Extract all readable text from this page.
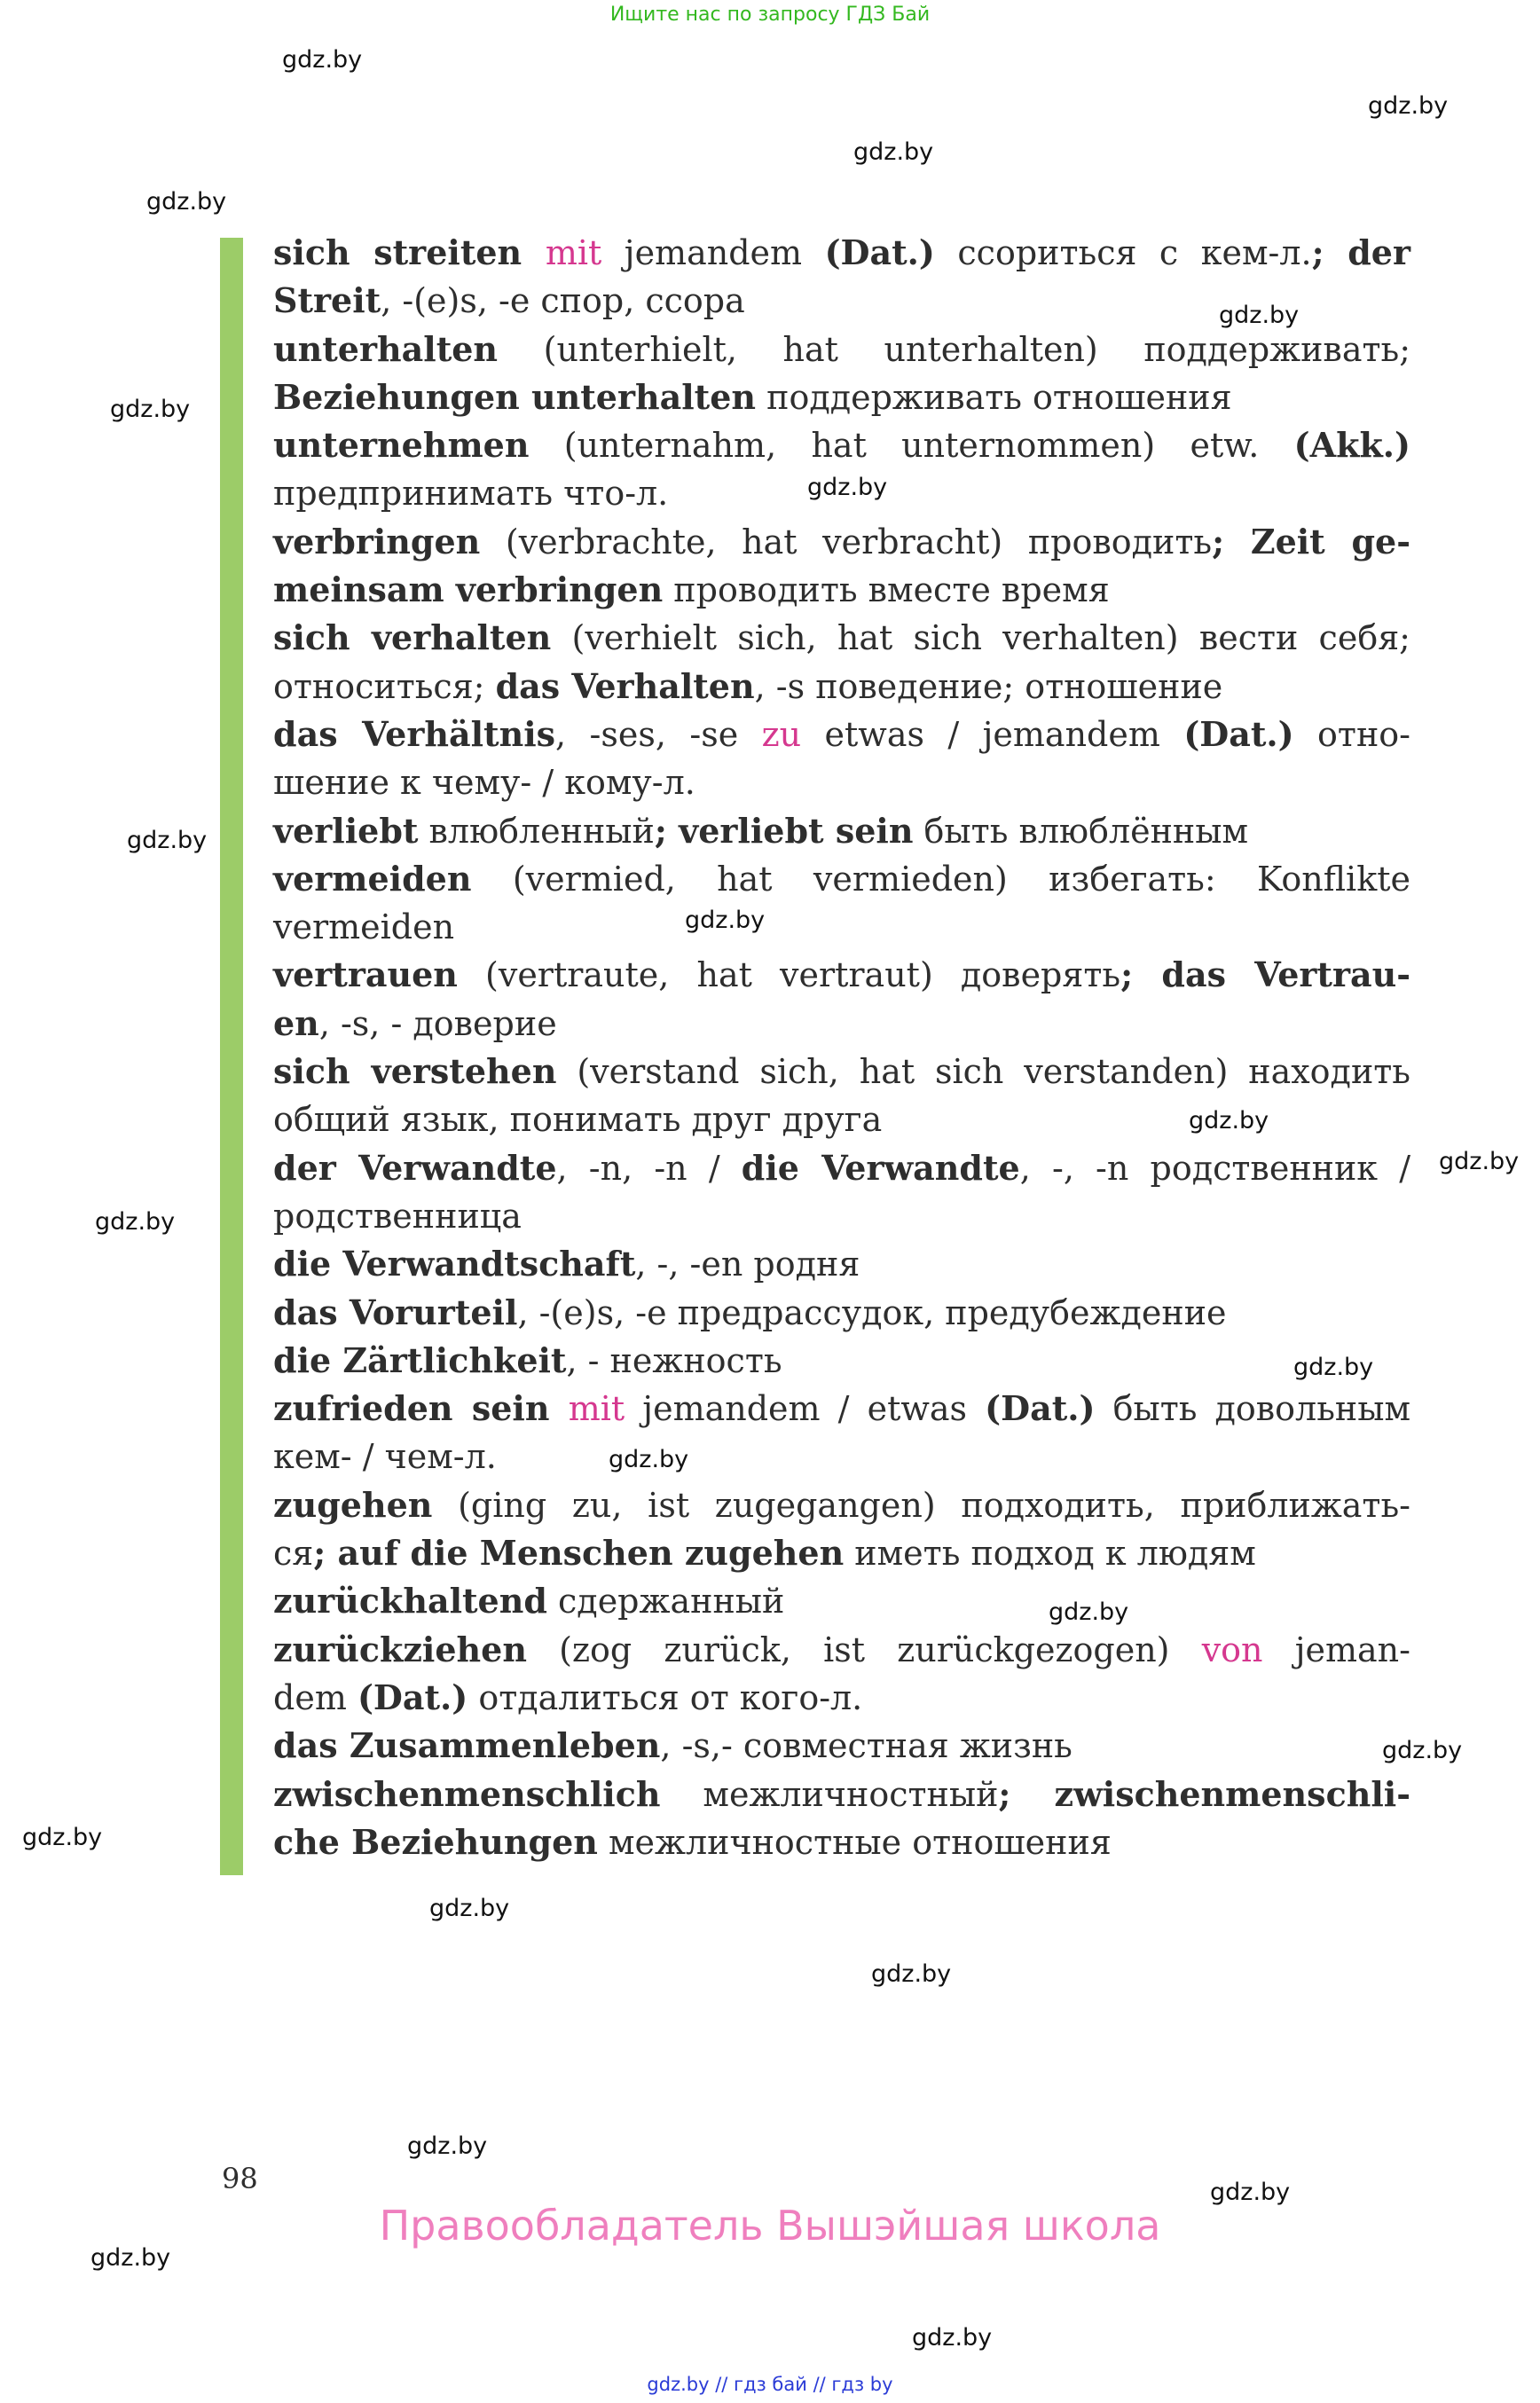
Ищите нас по запросу ГДЗ Бай
gdz.by
gdz.by
gdz.by
gdz.by
gdz.by
gdz.by
gdz.by
gdz.by
gdz.by
gdz.by
gdz.by
gdz.by
gdz.by
gdz.by
gdz.by
gdz.by
gdz.by
gdz.by
gdz.by
gdz.by
gdz.by
gdz.by
gdz.by
sich streiten mit jemandem (Dat.) ссориться с кем-л.; der
Streit, -(e)s, -e спор, ссора
unterhalten (unterhielt, hat unterhalten) поддерживать;
Beziehungen unterhalten поддерживать отношения
unternehmen (unternahm, hat unternommen) etw. (Akk.)
предпринимать что-л.
verbringen (verbrachte, hat verbracht) проводить; Zeit ge-
meinsam verbringen проводить вместе время
sich verhalten (verhielt sich, hat sich verhalten) вести себя;
относиться; das Verhalten, -s поведение; отношение
das Verhältnis, -ses, -se zu etwas / jemandem (Dat.) отно-
шение к чему- / кому-л.
verliebt влюбленный; verliebt sein быть влюблённым
vermeiden (vermied, hat vermieden) избегать: Konflikte
vermeiden
vertrauen (vertraute, hat vertraut) доверять; das Vertrau-
en, -s, - доверие
sich verstehen (verstand sich, hat sich verstanden) находить
общий язык, понимать друг друга
der Verwandte, -n, -n / die Verwandte, -, -n родственник /
родственница
die Verwandtschaft, -, -en родня
das Vorurteil, -(e)s, -e предрассудок, предубеждение
die Zärtlichkeit, - нежность
zufrieden sein mit jemandem / etwas (Dat.) быть довольным
кем- / чем-л.
zugehen (ging zu, ist zugegangen) подходить, приближать-
ся; auf die Menschen zugehen иметь подход к людям
zurückhaltend сдержанный
zurückziehen (zog zurück, ist zurückgezogen) von jeman-
dem (Dat.) отдалиться от кого-л.
das Zusammenleben, -s,- совместная жизнь
zwischenmenschlich межличностный; zwischenmenschli-
che Beziehungen межличностные отношения
98
Правообладатель Вышэйшая школа
gdz.by // гдз бай // гдз by
